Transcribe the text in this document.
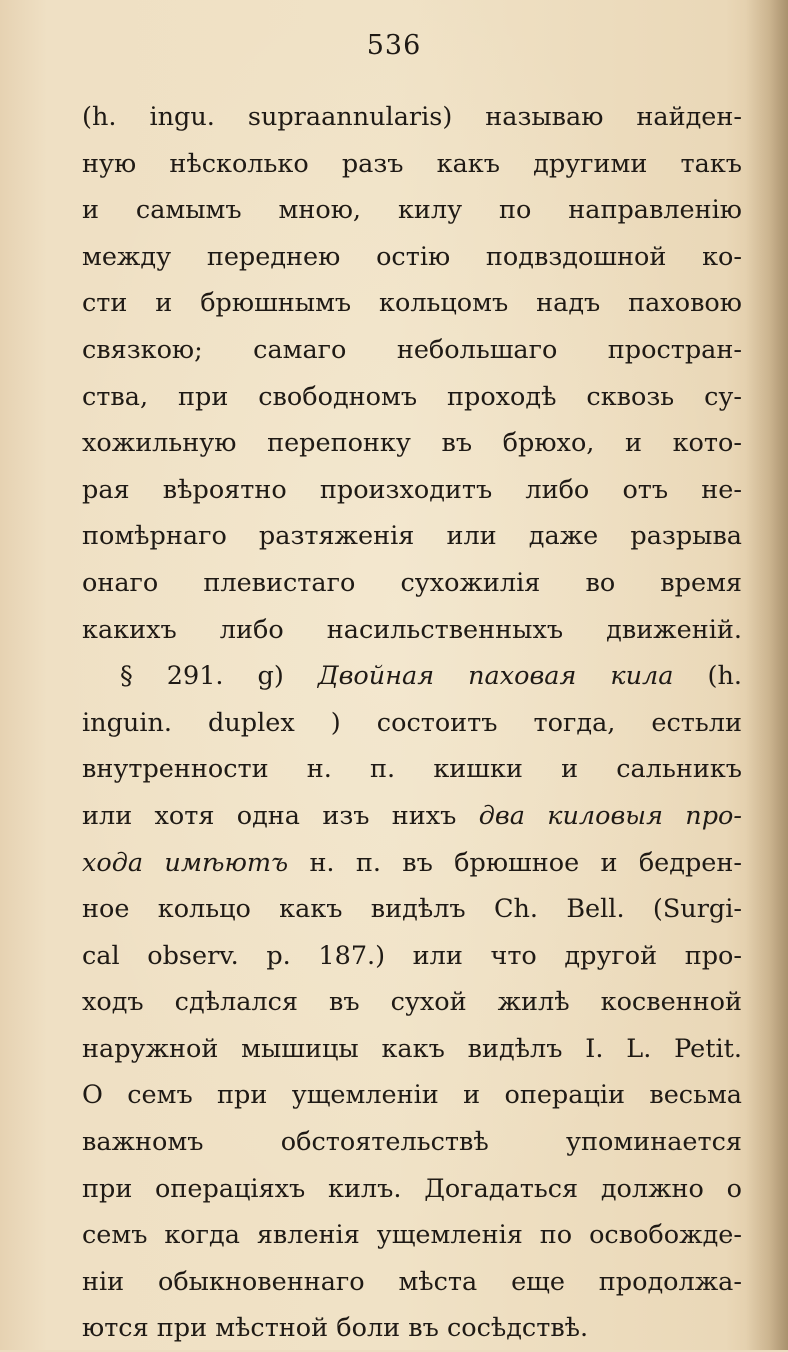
536
(h. ingu. supraannularis) называю найден-
ную нѣсколько разъ какъ другими такъ
и самымъ мною, килу по направленію
между переднею остію подвздошной ко-
сти и брюшнымъ кольцомъ надъ паховою
связкою; самаго небольшаго простран-
ства, при свободномъ проходѣ сквозь су-
хожильную перепонку въ брюхо, и кото-
рая вѣроятно произходитъ либо отъ не-
помѣрнаго разтяженія или даже разрыва
онаго плевистаго сухожилія во время
какихъ либо насильственныхъ движеній.
§ 291. g) Двойная паховая кила (h.
inguin. duplex ) состоитъ тогда, естьли
внутренности н. п. кишки и сальникъ
или хотя одна изъ нихъ два киловыя про-
хода имѣютъ н. п. въ брюшное и бедрен-
ное кольцо какъ видѣлъ Ch. Bell. (Surgi-
cal observ. p. 187.) или что другой про-
ходъ сдѣлался въ сухой жилѣ косвенной
наружной мышицы какъ видѣлъ I. L. Petit.
О семъ при ущемленіи и операціи весьма
важномъ обстоятельствѣ упоминается
при операціяхъ килъ. Догадаться должно о
семъ когда явленія ущемленія по освобожде-
ніи обыкновеннаго мѣста еще продолжа-
ются при мѣстной боли въ сосѣдствѣ.
